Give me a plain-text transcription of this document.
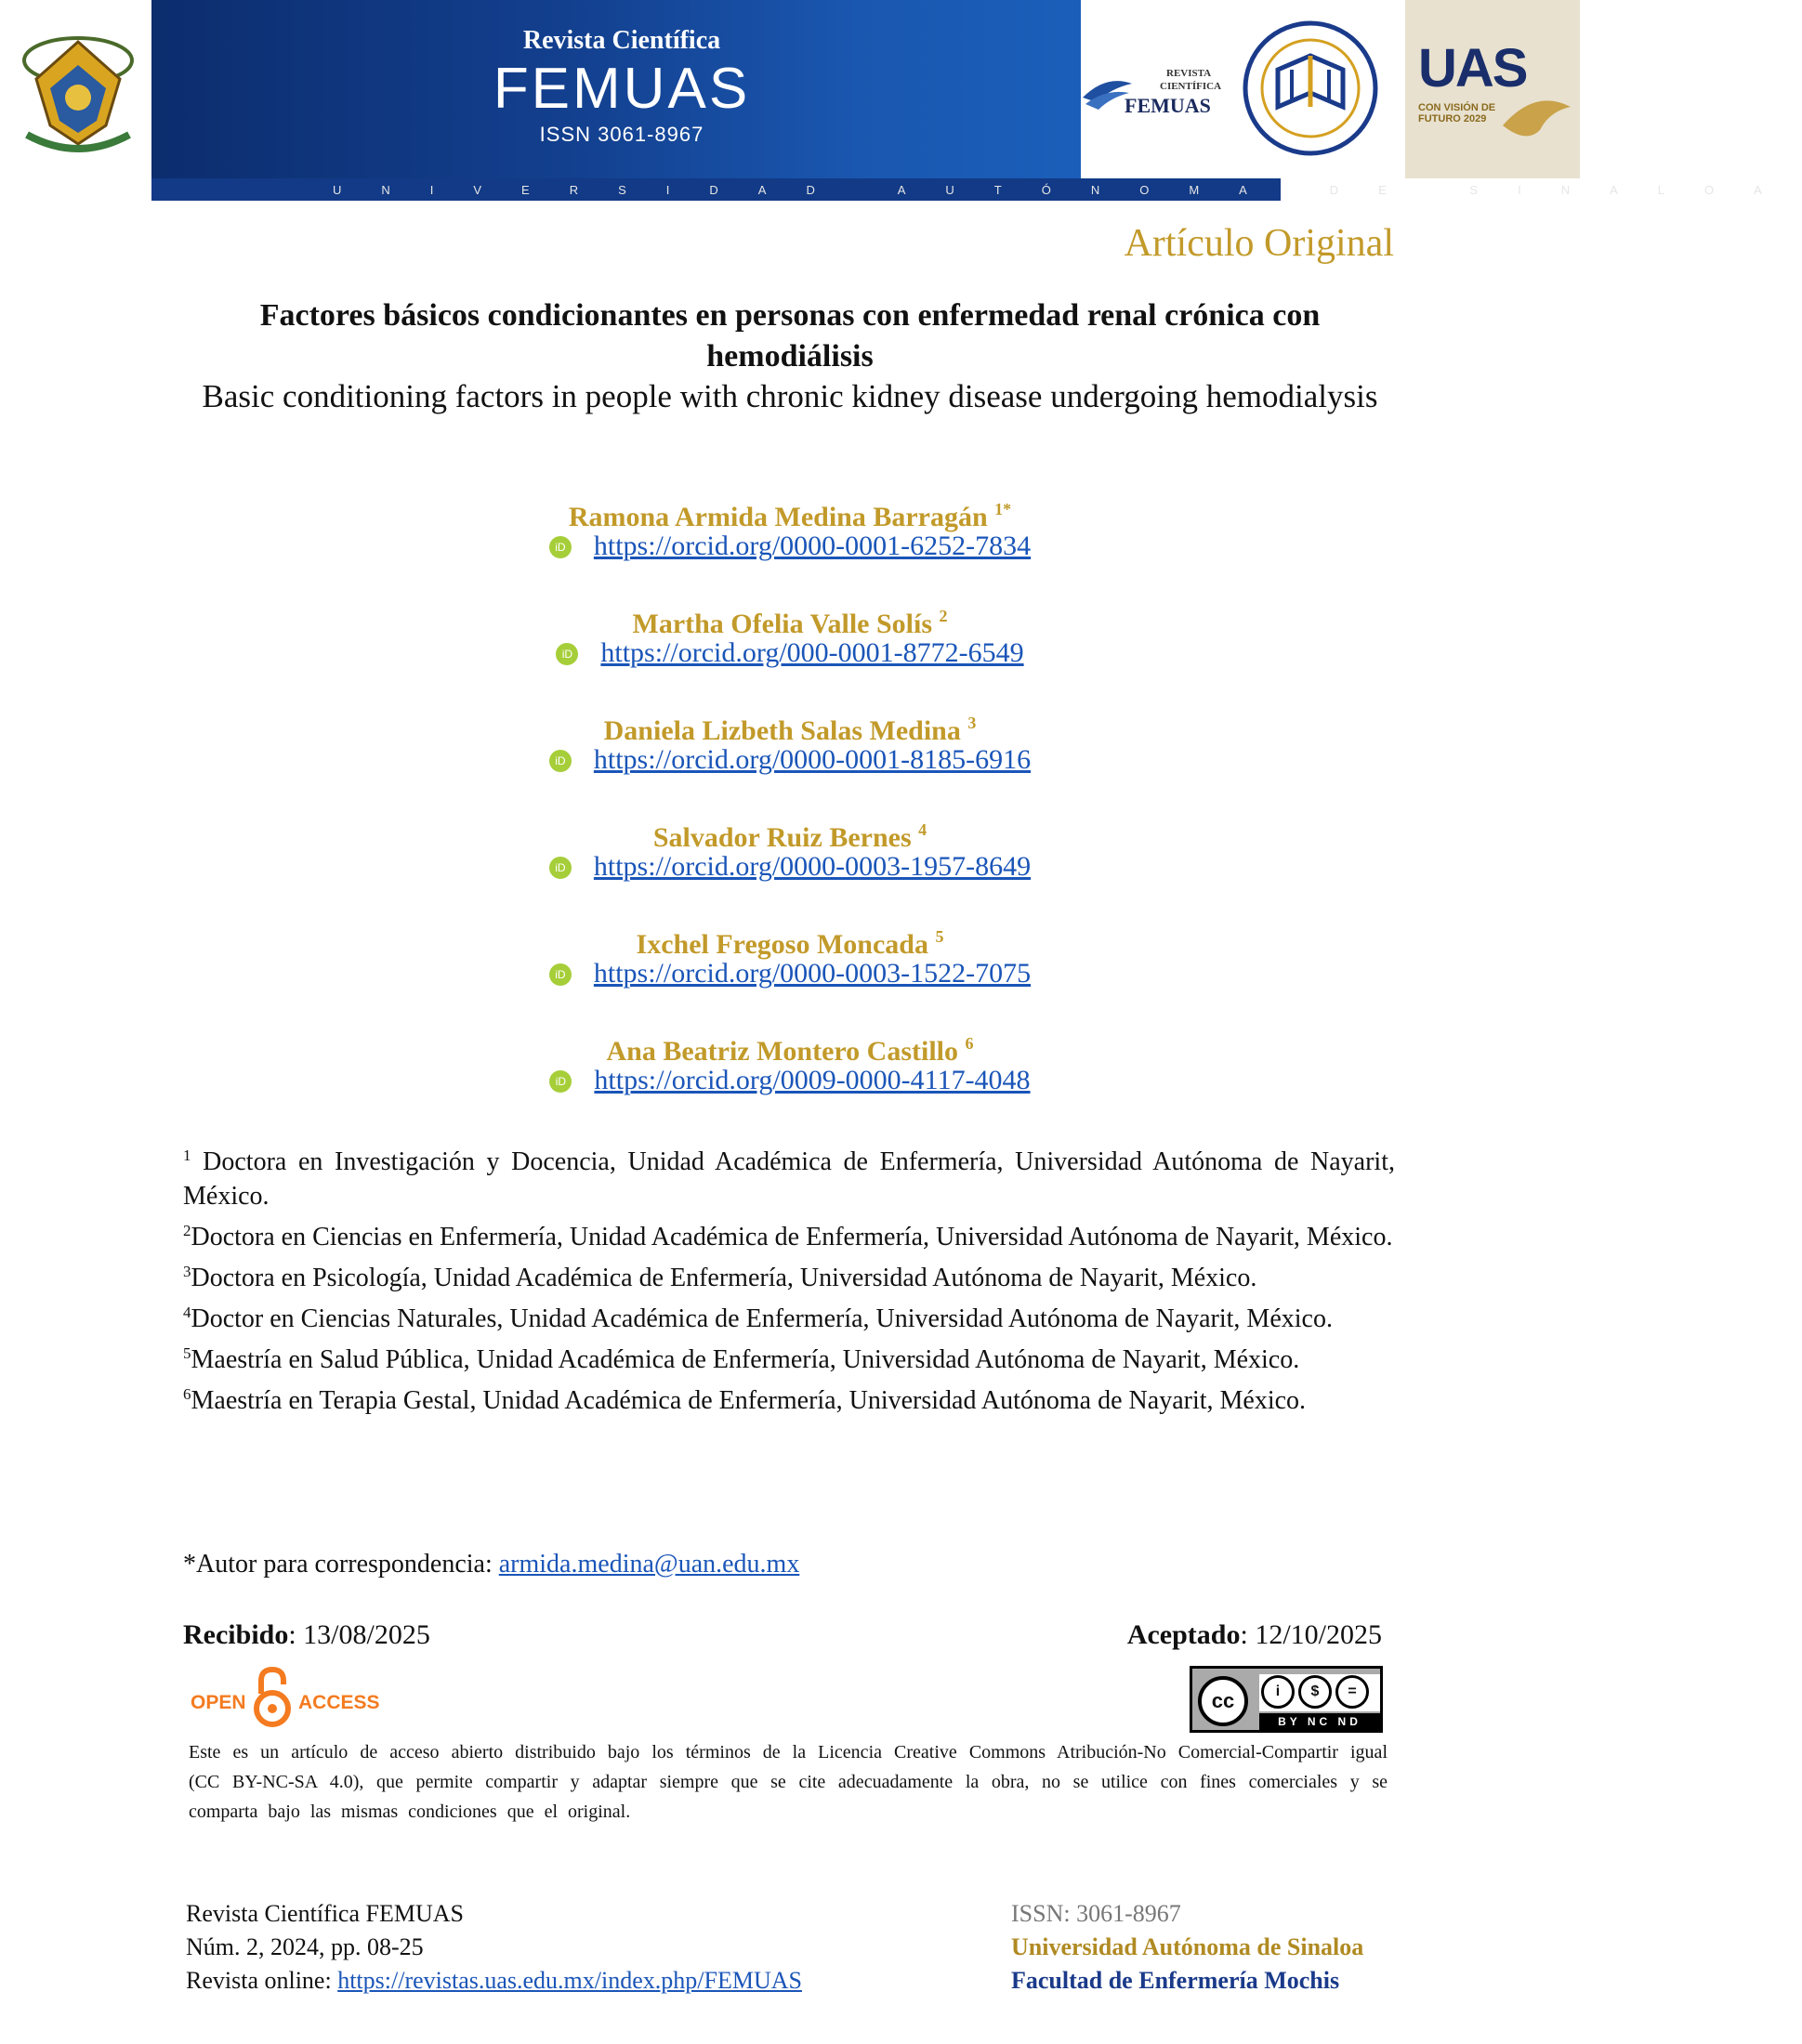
Revista Científica
FEMUAS
ISSN 3061-8967
UNIVERSIDAD AUTÓNOMA DE SINALOA
REVISTA
CIENTÍFICA
FEMUAS
UAS
CON VISIÓN DE FUTURO 2029
Artículo Original
Factores básicos condicionantes en personas con enfermedad renal crónica con hemodiálisis
Basic conditioning factors in people with chronic kidney disease undergoing hemodialysis
Ramona Armida Medina Barragán $^{1*}$
iD https://orcid.org/0000-0001-6252-7834
Martha Ofelia Valle Solís $^2$
iD https://orcid.org/000-0001-8772-6549
Daniela Lizbeth Salas Medina $^3$
iD https://orcid.org/0000-0001-8185-6916
Salvador Ruiz Bernes $^4$
iD https://orcid.org/0000-0003-1957-8649
Ixchel Fregoso Moncada $^5$
iD https://orcid.org/0000-0003-1522-7075
Ana Beatriz Montero Castillo $^6$
iD https://orcid.org/0009-0000-4117-4048

$^1$ Doctora en Investigación y Docencia, Unidad Académica de Enfermería, Universidad Autónoma de Nayarit, México.

$^2$Doctora en Ciencias en Enfermería, Unidad Académica de Enfermería, Universidad Autónoma de Nayarit, México.

$^3$Doctora en Psicología, Unidad Académica de Enfermería, Universidad Autónoma de Nayarit, México.

$^4$Doctor en Ciencias Naturales, Unidad Académica de Enfermería, Universidad Autónoma de Nayarit, México.

$^5$Maestría en Salud Pública, Unidad Académica de Enfermería, Universidad Autónoma de Nayarit, México.

$^6$Maestría en Terapia Gestal, Unidad Académica de Enfermería, Universidad Autónoma de Nayarit, México.

*Autor para correspondencia: armida.medina@uan.edu.mx
Recibido: 13/08/2025	Aceptado: 12/10/2025
OPEN	ACCESS	cc	i $ =
BY NC ND
Este es un artículo de acceso abierto distribuido bajo los términos de la Licencia Creative Commons Atribución-No Comercial-Compartir igual (CC BY-NC-SA 4.0), que permite compartir y adaptar siempre que se cite adecuadamente la obra, no se utilice con fines comerciales y se comparta bajo las mismas condiciones que el original.
Revista Científica FEMUAS
Núm. 2, 2024, pp. 08-25
Revista online: https://revistas.uas.edu.mx/index.php/FEMUAS
ISSN: 3061-8967
Universidad Autónoma de Sinaloa
Facultad de Enfermería Mochis
